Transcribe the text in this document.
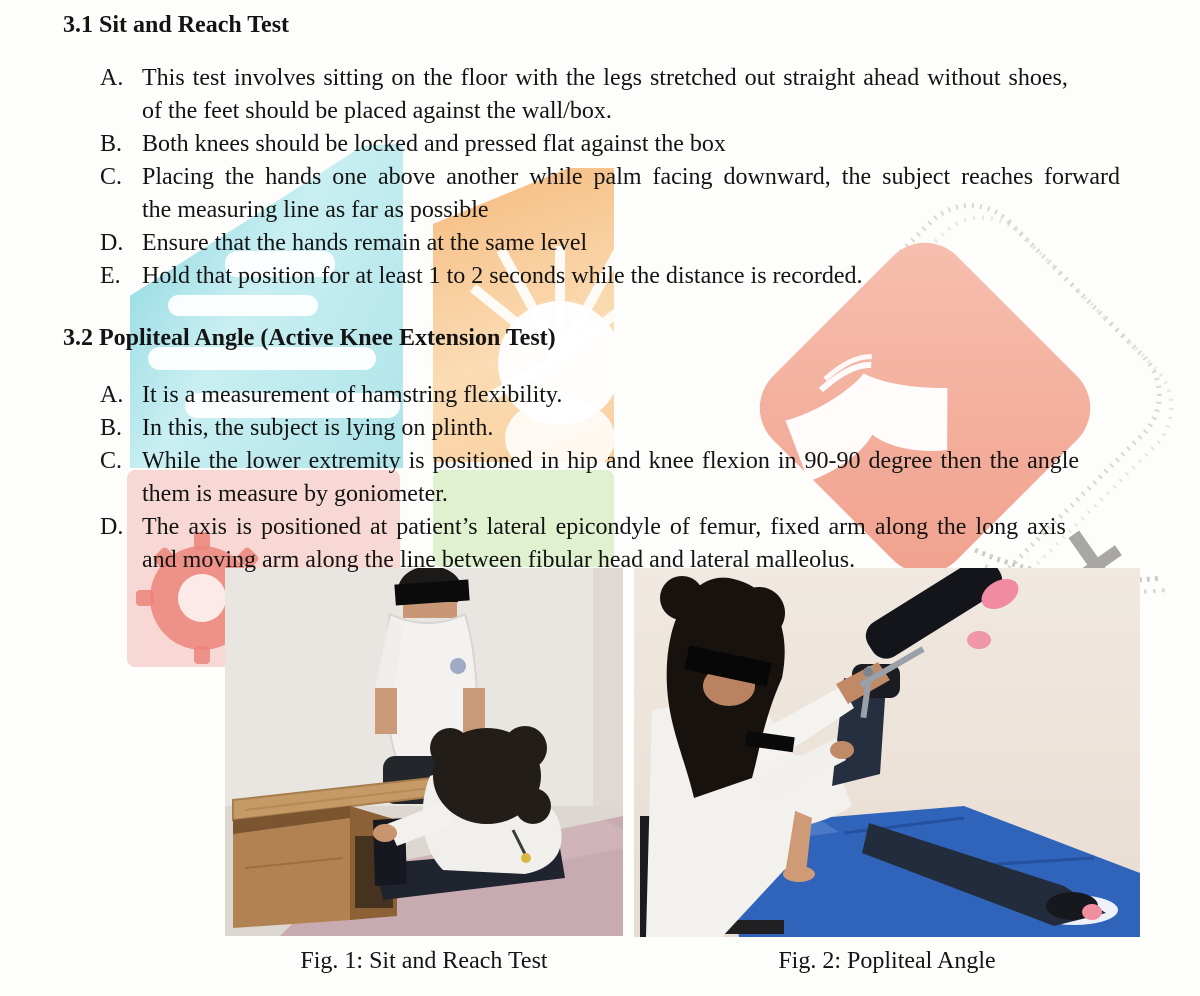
3.1 Sit and Reach Test
A. This test involves sitting on the floor with the legs stretched out straight ahead without shoes,
of the feet should be placed against the wall/box.
B. Both knees should be locked and pressed flat against the box
C. Placing the hands one above another while palm facing downward, the subject reaches forward
the measuring line as far as possible
D. Ensure that the hands remain at the same level
E. Hold that position for at least 1 to 2 seconds while the distance is recorded.
3.2 Popliteal Angle (Active Knee Extension Test)
A. It is a measurement of hamstring flexibility.
B. In this, the subject is lying on plinth.
C. While the lower extremity is positioned in hip and knee flexion in 90-90 degree then the angle
them is measure by goniometer.
D. The axis is positioned at patient’s lateral epicondyle of femur, fixed arm along the long axis
and moving arm along the line between fibular head and lateral malleolus.
Fig. 1: Sit and Reach Test	Fig. 2: Popliteal Angle
